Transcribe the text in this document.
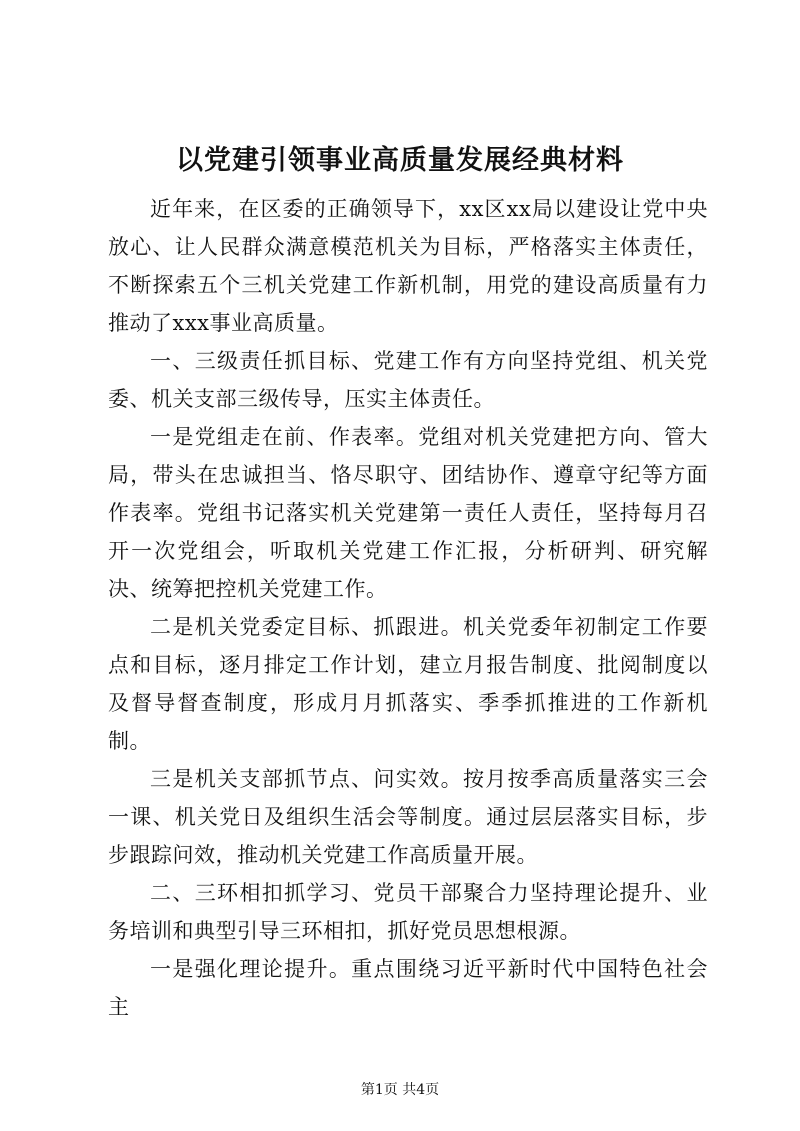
以党建引领事业高质量发展经典材料

近年来，在区委的正确领导下，xx区xx局以建设让党中央放心、让人民群众满意模范机关为目标，严格落实主体责任，不断探索五个三机关党建工作新机制，用党的建设高质量有力推动了xxx事业高质量。

一、三级责任抓目标、党建工作有方向坚持党组、机关党委、机关支部三级传导，压实主体责任。

一是党组走在前、作表率。党组对机关党建把方向、管大局，带头在忠诚担当、恪尽职守、团结协作、遵章守纪等方面作表率。党组书记落实机关党建第一责任人责任，坚持每月召开一次党组会，听取机关党建工作汇报，分析研判、研究解决、统筹把控机关党建工作。

二是机关党委定目标、抓跟进。机关党委年初制定工作要点和目标，逐月排定工作计划，建立月报告制度、批阅制度以及督导督查制度，形成月月抓落实、季季抓推进的工作新机制。

三是机关支部抓节点、问实效。按月按季高质量落实三会一课、机关党日及组织生活会等制度。通过层层落实目标，步步跟踪问效，推动机关党建工作高质量开展。

二、三环相扣抓学习、党员干部聚合力坚持理论提升、业务培训和典型引导三环相扣，抓好党员思想根源。

一是强化理论提升。重点围绕习近平新时代中国特色社会主

第1页 共4页
